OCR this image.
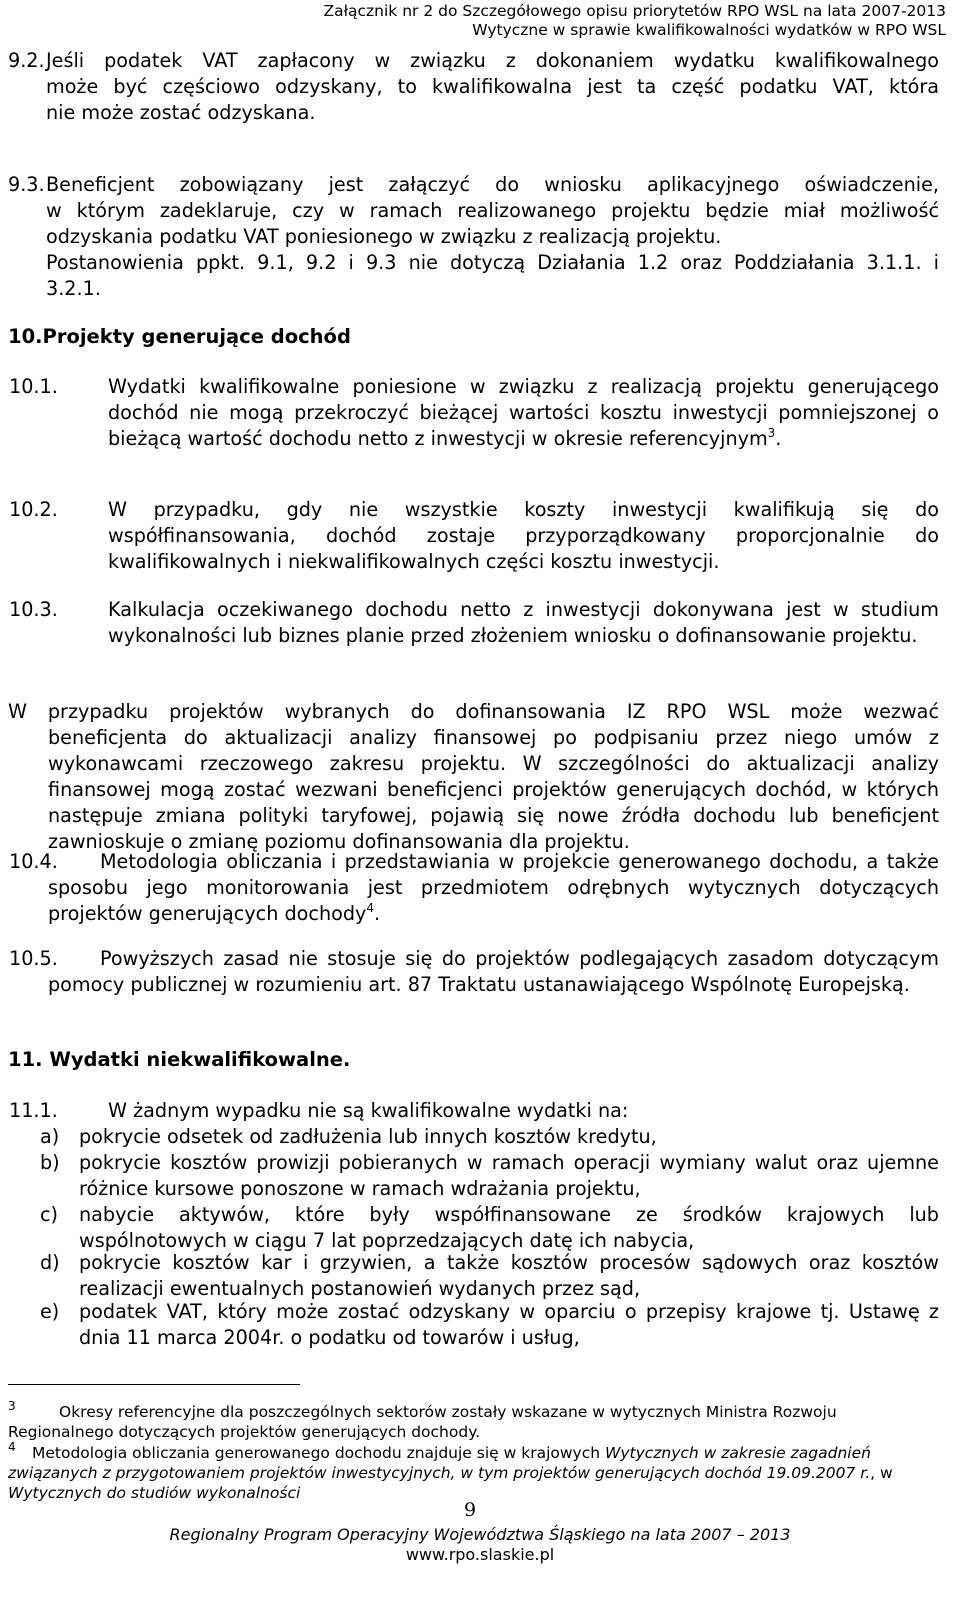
Załącznik nr 2 do Szczegółowego opisu priorytetów RPO WSL na lata 2007-2013
Wytyczne w sprawie kwalifikowalności wydatków w RPO WSL
9.2.
może być częściowo odzyskany, to kwalifikowalna jest ta część podatku VAT, która
Jeśli podatek VAT zapłacony w związku z dokonaniem wydatku kwalifikowalnego
nie może zostać odzyskana.
9.3. Beneficjent zobowiązany jest załączyć do wniosku aplikacyjnego oświadczenie,
w którym zadeklaruje, czy w ramach realizowanego projektu będzie miał możliwość
odzyskania podatku VAT poniesionego w związku z realizacją projektu.
Postanowienia ppkt. 9.1, 9.2 i 9.3 nie dotyczą Działania 1.2 oraz Poddziałania 3.1.1. i
3.2.1.
10.Projekty generujące dochód
10.1.	Wydatki kwalifikowalne poniesione w związku z realizacją projektu generującego dochód nie mogą przekroczyć bieżącej wartości kosztu inwestycji pomniejszonej o bieżącą wartość dochodu netto z inwestycji w okresie referencyjnym$^3$.
10.2.	W przypadku, gdy nie wszystkie koszty inwestycji kwalifikują się do współfinansowania, dochód zostaje przyporządkowany proporcjonalnie do kwalifikowalnych i niekwalifikowalnych części kosztu inwestycji.
10.3.	Kalkulacja oczekiwanego dochodu netto z inwestycji dokonywana jest w studium wykonalności lub biznes planie przed złożeniem wniosku o dofinansowanie projektu.
W przypadku projektów wybranych do dofinansowania IZ RPO WSL może wezwać
beneficjenta do aktualizacji analizy finansowej po podpisaniu przez niego umów z wykonawcami rzeczowego zakresu projektu. W szczególności do aktualizacji analizy finansowej mogą zostać wezwani beneficjenci projektów generujących dochód, w których następuje zmiana polityki taryfowej, pojawią się nowe źródła dochodu lub beneficjent zawnioskuje o zmianę poziomu dofinansowania dla projektu.
10.4.	Metodologia obliczania i przedstawiania w projekcie generowanego dochodu, a także sposobu jego monitorowania jest przedmiotem odrębnych wytycznych dotyczących projektów generujących dochody$^4$.
10.5.	Powyższych zasad nie stosuje się do projektów podlegających zasadom dotyczącym pomocy publicznej w rozumieniu art. 87 Traktatu ustanawiającego Wspólnotę Europejską.
11. Wydatki niekwalifikowalne.
11.1.	W żadnym wypadku nie są kwalifikowalne wydatki na:
a) pokrycie odsetek od zadłużenia lub innych kosztów kredytu,
b) pokrycie kosztów prowizji pobieranych w ramach operacji wymiany walut oraz ujemne różnice kursowe ponoszone w ramach wdrażania projektu,
c) nabycie aktywów, które były współfinansowane ze środków krajowych lub wspólnotowych w ciągu 7 lat poprzedzających datę ich nabycia,
d) pokrycie kosztów kar i grzywien, a także kosztów procesów sądowych oraz kosztów realizacji ewentualnych postanowień wydanych przez sąd,
e) podatek VAT, który może zostać odzyskany w oparciu o przepisy krajowe tj. Ustawę z dnia 11 marca 2004r. o podatku od towarów i usług,
3	Okresy referencyjne dla poszczególnych sektorów zostały wskazane w wytycznych Ministra Rozwoju Regionalnego dotyczących projektów generujących dochody.
4	Metodologia obliczania generowanego dochodu znajduje się w krajowych Wytycznych w zakresie zagadnień związanych z przygotowaniem projektów inwestycyjnych, w tym projektów generujących dochód 19.09.2007 r., w Wytycznych do studiów wykonalności
9
Regionalny Program Operacyjny Województwa Śląskiego na lata 2007 – 2013
www.rpo.slaskie.pl
